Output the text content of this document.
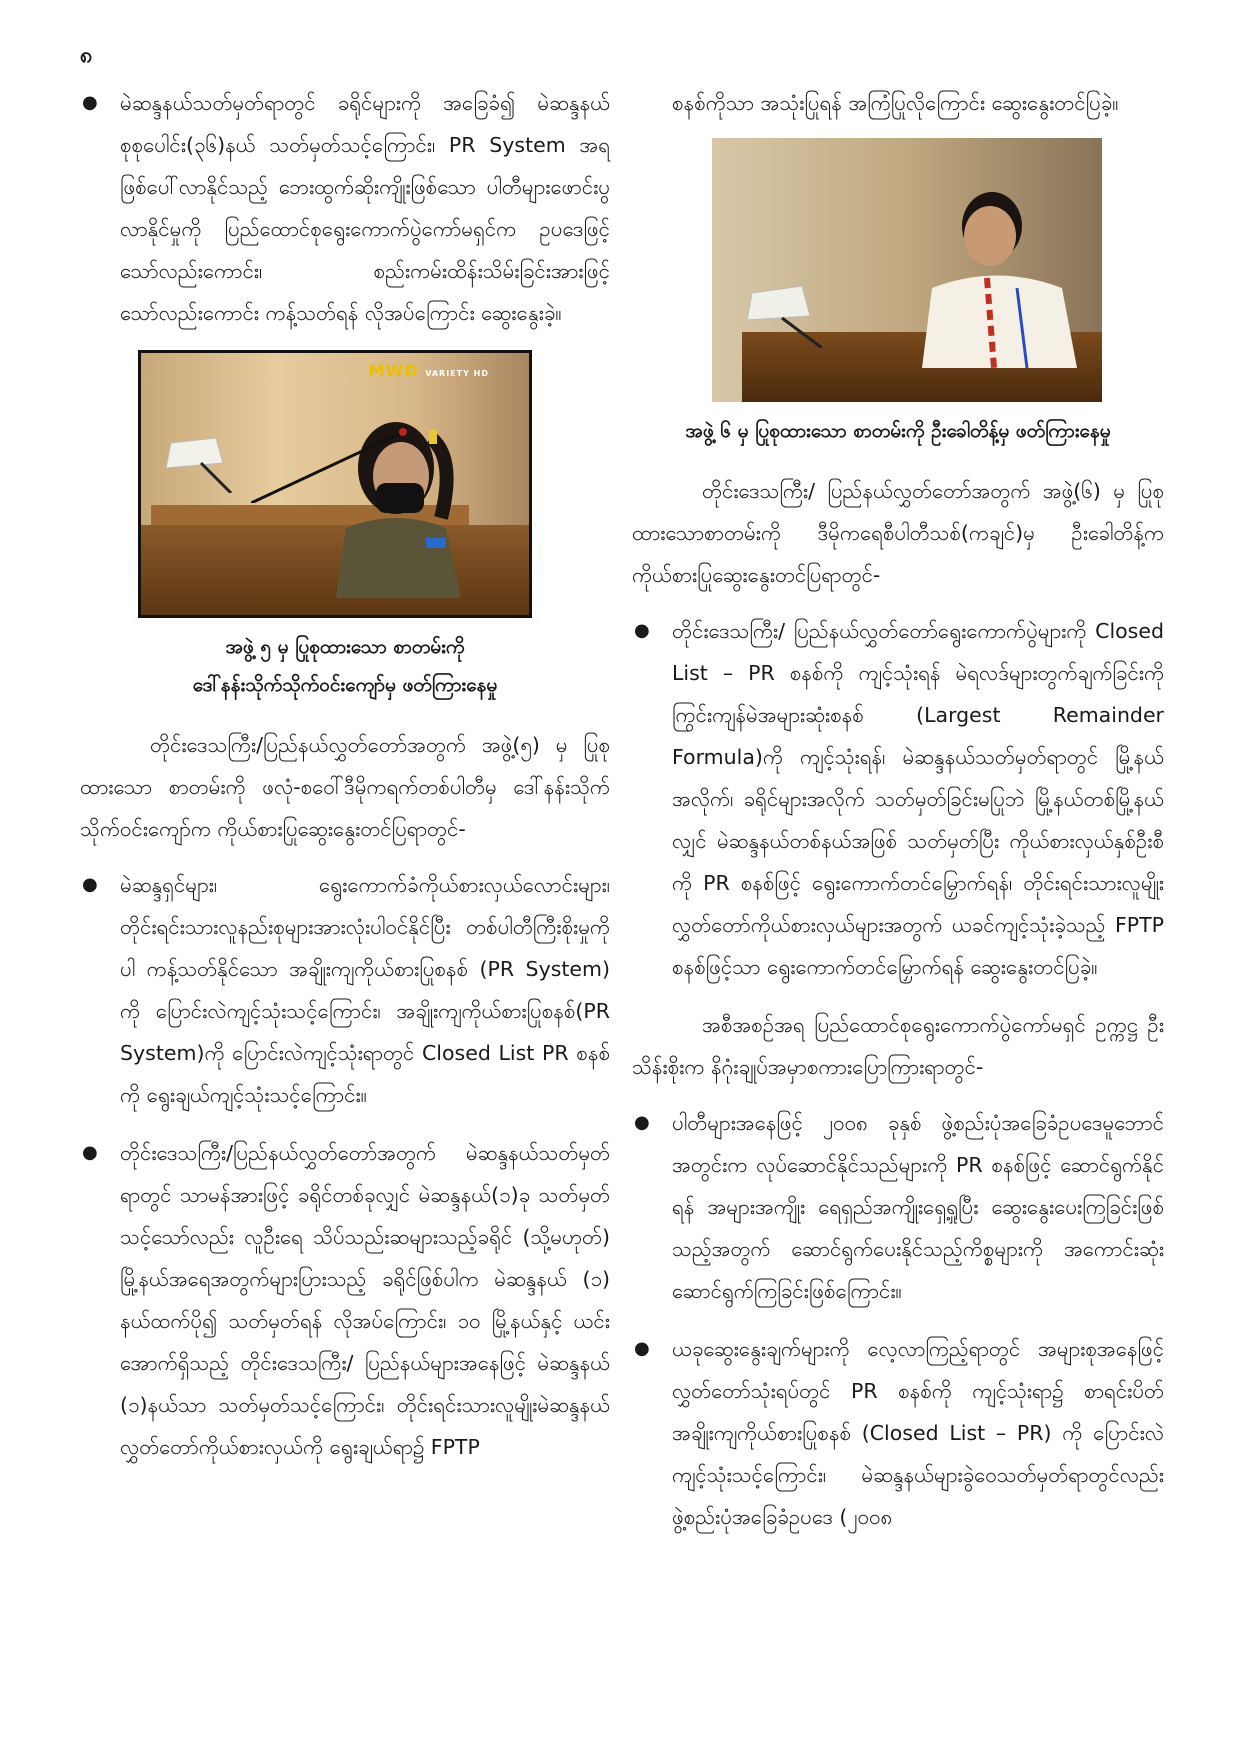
၈

● မဲဆန္ဒနယ်သတ်မှတ်ရာတွင် ခရိုင်များကို အခြေခံ၍ မဲဆန္ဒနယ် စုစုပေါင်း(၃၆)နယ် သတ်မှတ်သင့်ကြောင်း၊ PR System အရ ဖြစ်ပေါ်လာနိုင်သည့် ဘေးထွက်ဆိုးကျိုးဖြစ်သော ပါတီများဖောင်းပွလာနိုင်မှုကို ပြည်ထောင်စုရွေးကောက်ပွဲကော်မရှင်က ဥပဒေဖြင့်သော်လည်းကောင်း၊ စည်းကမ်းထိန်းသိမ်းခြင်းအားဖြင့်သော်လည်းကောင်း ကန့်သတ်ရန် လိုအပ်ကြောင်း ဆွေးနွေးခဲ့။

MWD VARIETY HD
အဖွဲ့ ၅ မှ ပြုစုထားသော စာတမ်းကို
ဒေါ်နန်းသိုက်သိုက်ဝင်းကျော်မှ ဖတ်ကြားနေမှု

တိုင်းဒေသကြီး/ပြည်နယ်လွှတ်တော်အတွက် အဖွဲ့(၅) မှ ပြုစုထားသော စာတမ်းကို ဖလုံ-စဝေါ်ဒီမိုကရက်တစ်ပါတီမှ ဒေါ်နန်းသိုက်သိုက်ဝင်းကျော်က ကိုယ်စားပြုဆွေးနွေးတင်ပြရာတွင်-

● မဲဆန္ဒရှင်များ၊ ရွေးကောက်ခံကိုယ်စားလှယ်လောင်းများ၊ တိုင်းရင်းသားလူနည်းစုများအားလုံးပါဝင်နိုင်ပြီး တစ်ပါတီကြီးစိုးမှုကိုပါ ကန့်သတ်နိုင်သော အချိုးကျကိုယ်စားပြုစနစ် (PR System) ကို ပြောင်းလဲကျင့်သုံးသင့်ကြောင်း၊ အချိုးကျကိုယ်စားပြုစနစ်(PR System)ကို ပြောင်းလဲကျင့်သုံးရာတွင် Closed List PR စနစ်ကို ရွေးချယ်ကျင့်သုံးသင့်ကြောင်း။

● တိုင်းဒေသကြီး/ပြည်နယ်လွှတ်တော်အတွက် မဲဆန္ဒနယ်သတ်မှတ်ရာတွင် သာမန်အားဖြင့် ခရိုင်တစ်ခုလျှင် မဲဆန္ဒနယ်(၁)ခု သတ်မှတ်သင့်သော်လည်း လူဦးရေ သိပ်သည်းဆများသည့်ခရိုင် (သို့မဟုတ်) မြို့နယ်အရေအတွက်များပြားသည့် ခရိုင်ဖြစ်ပါက မဲဆန္ဒနယ် (၁) နယ်ထက်ပို၍ သတ်မှတ်ရန် လိုအပ်ကြောင်း၊ ၁၀ မြို့နယ်နှင့် ယင်းအောက်ရှိသည့် တိုင်းဒေသကြီး/ ပြည်နယ်များအနေဖြင့် မဲဆန္ဒနယ် (၁)နယ်သာ သတ်မှတ်သင့်ကြောင်း၊ တိုင်းရင်းသားလူမျိုးမဲဆန္ဒနယ်လွှတ်တော်ကိုယ်စားလှယ်ကို ရွေးချယ်ရာ၌ FPTP

စနစ်ကိုသာ အသုံးပြုရန် အကြံပြုလိုကြောင်း ဆွေးနွေးတင်ပြခဲ့။

အဖွဲ့ ၆ မှ ပြုစုထားသော စာတမ်းကို ဦးခေါတိန့်မှ ဖတ်ကြားနေမှု

တိုင်းဒေသကြီး/ ပြည်နယ်လွှတ်တော်အတွက် အဖွဲ့(၆) မှ ပြုစုထားသောစာတမ်းကို ဒီမိုကရေစီပါတီသစ်(ကချင်)မှ ဦးခေါတိန့်က ကိုယ်စားပြုဆွေးနွေးတင်ပြရာတွင်-

● တိုင်းဒေသကြီး/ ပြည်နယ်လွှတ်တော်ရွေးကောက်ပွဲများကို Closed List – PR စနစ်ကို ကျင့်သုံးရန် မဲရလဒ်များတွက်ချက်ခြင်းကို ကြွင်းကျန်မဲအများဆုံးစနစ် (Largest Remainder Formula)ကို ကျင့်သုံးရန်၊ မဲဆန္ဒနယ်သတ်မှတ်ရာတွင် မြို့နယ်အလိုက်၊ ခရိုင်များအလိုက် သတ်မှတ်ခြင်းမပြုဘဲ မြို့နယ်တစ်မြို့နယ်လျှင် မဲဆန္ဒနယ်တစ်နယ်အဖြစ် သတ်မှတ်ပြီး ကိုယ်စားလှယ်နှစ်ဦးစီကို PR စနစ်ဖြင့် ရွေးကောက်တင်မြှောက်ရန်၊ တိုင်းရင်းသားလူမျိုးလွှတ်တော်ကိုယ်စားလှယ်များအတွက် ယခင်ကျင့်သုံးခဲ့သည့် FPTP စနစ်ဖြင့်သာ ရွေးကောက်တင်မြှောက်ရန် ဆွေးနွေးတင်ပြခဲ့။

အစီအစဉ်အရ ပြည်ထောင်စုရွေးကောက်ပွဲကော်မရှင် ဥက္ကဋ္ဌ ဦးသိန်းစိုးက နိဂုံးချုပ်အမှာစကားပြောကြားရာတွင်-

● ပါတီများအနေဖြင့် ၂၀၀၈ ခုနှစ် ဖွဲ့စည်းပုံအခြေခံဥပဒေမူဘောင်အတွင်းက လုပ်ဆောင်နိုင်သည်များကို PR စနစ်ဖြင့် ဆောင်ရွက်နိုင်ရန် အများအကျိုး ရေရှည်အကျိုးရှေ့ရှုပြီး ဆွေးနွေးပေးကြခြင်းဖြစ်သည့်အတွက် ဆောင်ရွက်ပေးနိုင်သည့်ကိစ္စများကို အကောင်းဆုံးဆောင်ရွက်ကြခြင်းဖြစ်ကြောင်း။

● ယခုဆွေးနွေးချက်များကို လေ့လာကြည့်ရာတွင် အများစုအနေဖြင့် လွှတ်တော်သုံးရပ်တွင် PR စနစ်ကို ကျင့်သုံးရာ၌ စာရင်းပိတ်အချိုးကျကိုယ်စားပြုစနစ် (Closed List – PR) ကို ပြောင်းလဲကျင့်သုံးသင့်ကြောင်း၊ မဲဆန္ဒနယ်များခွဲဝေသတ်မှတ်ရာတွင်လည်း ဖွဲ့စည်းပုံအခြေခံဥပဒေ (၂၀၀၈
